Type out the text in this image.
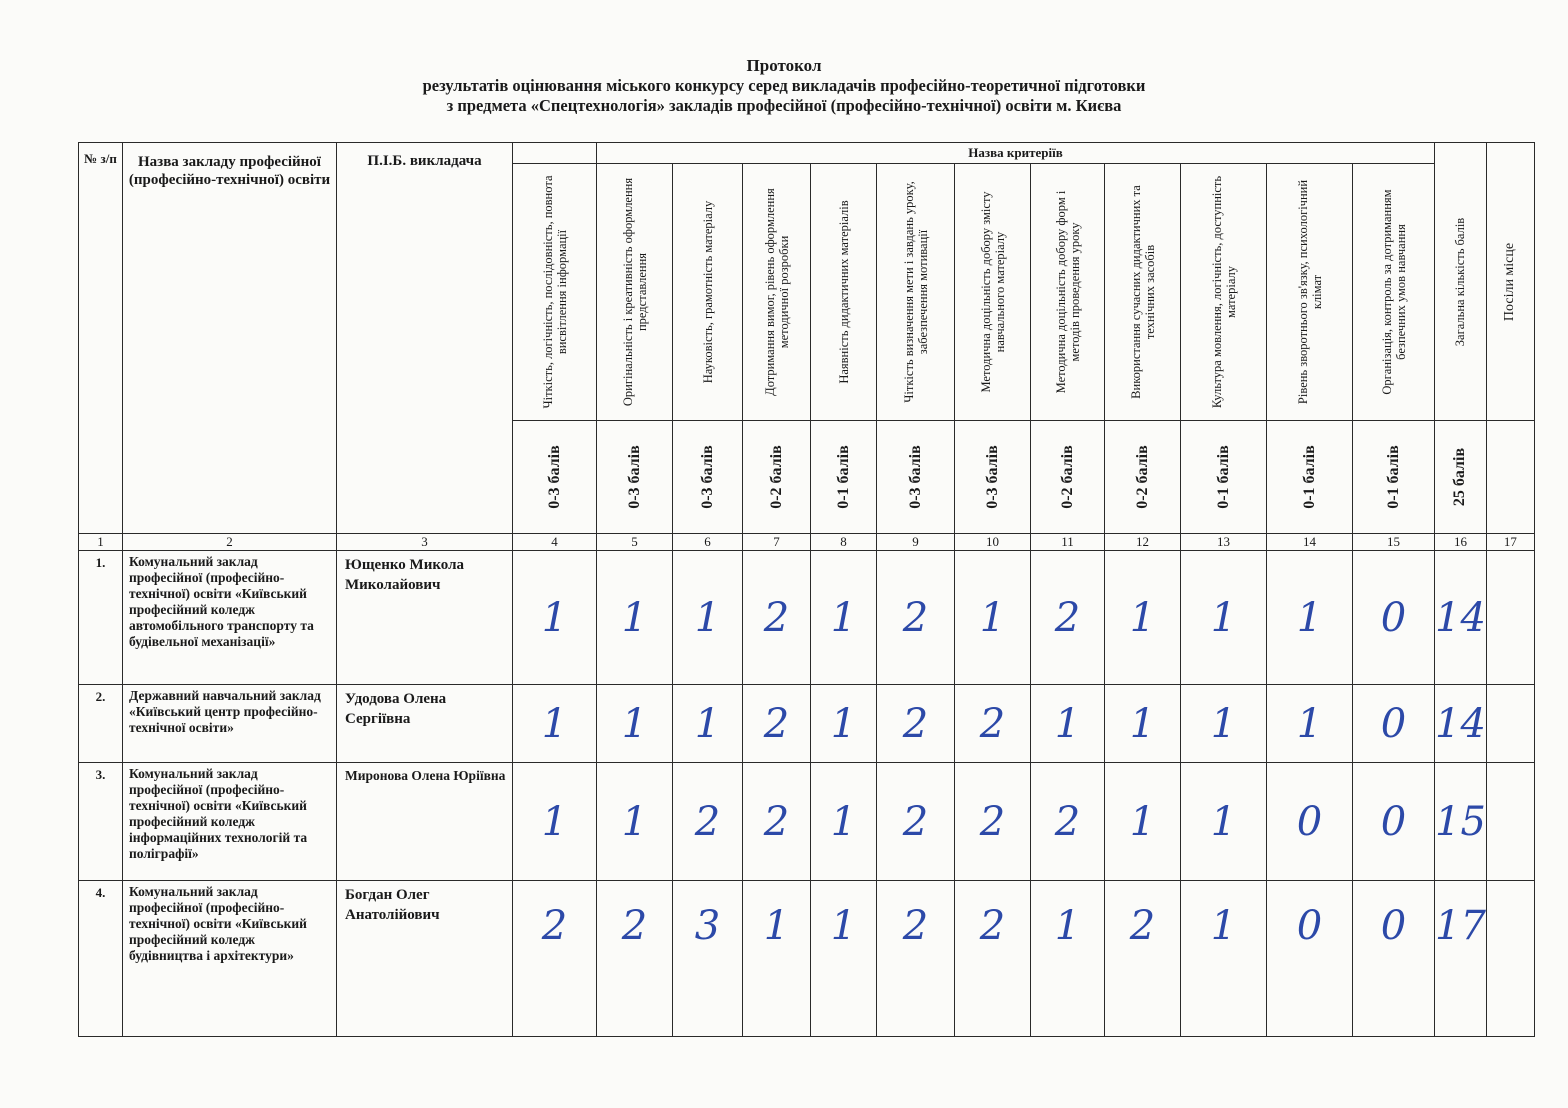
Протокол
результатів оцінювання міського конкурсу серед викладачів професійно-теоретичної підготовки
з предмета «Спецтехнологія» закладів професійної (професійно-технічної) освіти м. Києва
№ з/п	Назва закладу професійної (професійно-технічної) освіти	П.І.Б. викладача		Назва критеріїв											Загальна кількість балів	Посіли місце

			Чіткість, логічність, послідовність, повнота висвітлення інформації	Оригінальність і креативність оформлення представлення	Науковість, грамотність матеріалу	Дотримання вимог, рівень оформлення методичної розробки	Наявність дидактичних матеріалів	Чіткість визначення мети і завдань уроку, забезпечення мотивації	Методична доцільність добору змісту навчального матеріалу	Методична доцільність добору форм і методів проведення уроку	Використання сучасних дидактичних та технічних засобів	Культура мовлення, логічність, доступність матеріалу	Рівень зворотнього зв'язку, психологічний клімат	Організація, контроль за дотриманням безпечних умов навчання		

			0-3 балів	0-3 балів	0-3 балів	0-2 балів	0-1 балів	0-3 балів	0-3 балів	0-2 балів	0-2 балів	0-1 балів	0-1 балів	0-1 балів	25 балів	

1	2	3	4	5	6	7	8	9	10	11	12	13	14	15	16	17
1.	Комунальний заклад професійної (професійно-технічної) освіти «Київський професійний коледж автомобільного транспорту та будівельної механізації»	Ющенко Микола Миколайович	1	1	1	2	1	2	1	2	1	1	1	0	14	
2.	Державний навчальний заклад «Київський центр професійно-технічної освіти»	Удодова Олена Сергіївна	1	1	1	2	1	2	2	1	1	1	1	0	14	
3.	Комунальний заклад професійної (професійно-технічної) освіти «Київський професійний коледж інформаційних технологій та поліграфії»	Миронова Олена Юріївна	1	1	2	2	1	2	2	2	1	1	0	0	15	
4.	Комунальний заклад професійної (професійно-технічної) освіти «Київський професійний коледж будівництва і архітектури»	Богдан Олег Анатолійович	2	2	3	1	1	2	2	1	2	1	0	0	17	
